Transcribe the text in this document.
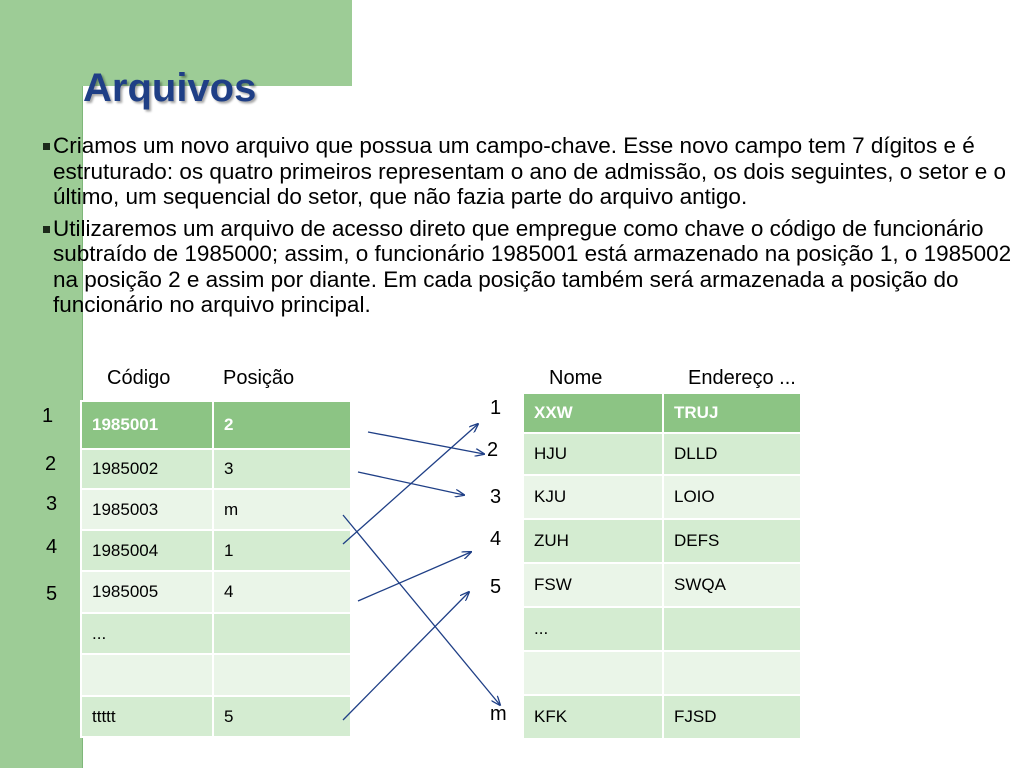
Arquivos
Criamos um novo arquivo que possua um campo-chave. Esse novo campo tem 7 dígitos e é estruturado: os quatro primeiros representam o ano de admissão, os dois seguintes, o setor e o último, um sequencial do setor, que não fazia parte do arquivo antigo.
Utilizaremos um arquivo de acesso direto que empregue como chave o código de funcionário subtraído de 1985000; assim, o funcionário 1985001 está armazenado na posição 1, o 1985002 na posição 2 e assim por diante. Em cada posição também será armazenada a posição do funcionário no arquivo principal.
Código	Posição
1
2
3
4
5
1985001	2
1985002	3
1985003	m
1985004	1
1985005	4
...	

ttttt	5
Nome	Endereço ...
1
2
3
4
5
m
XXW	TRUJ
HJU	DLLD
KJU	LOIO
ZUH	DEFS
FSW	SWQA
...	

KFK	FJSD
